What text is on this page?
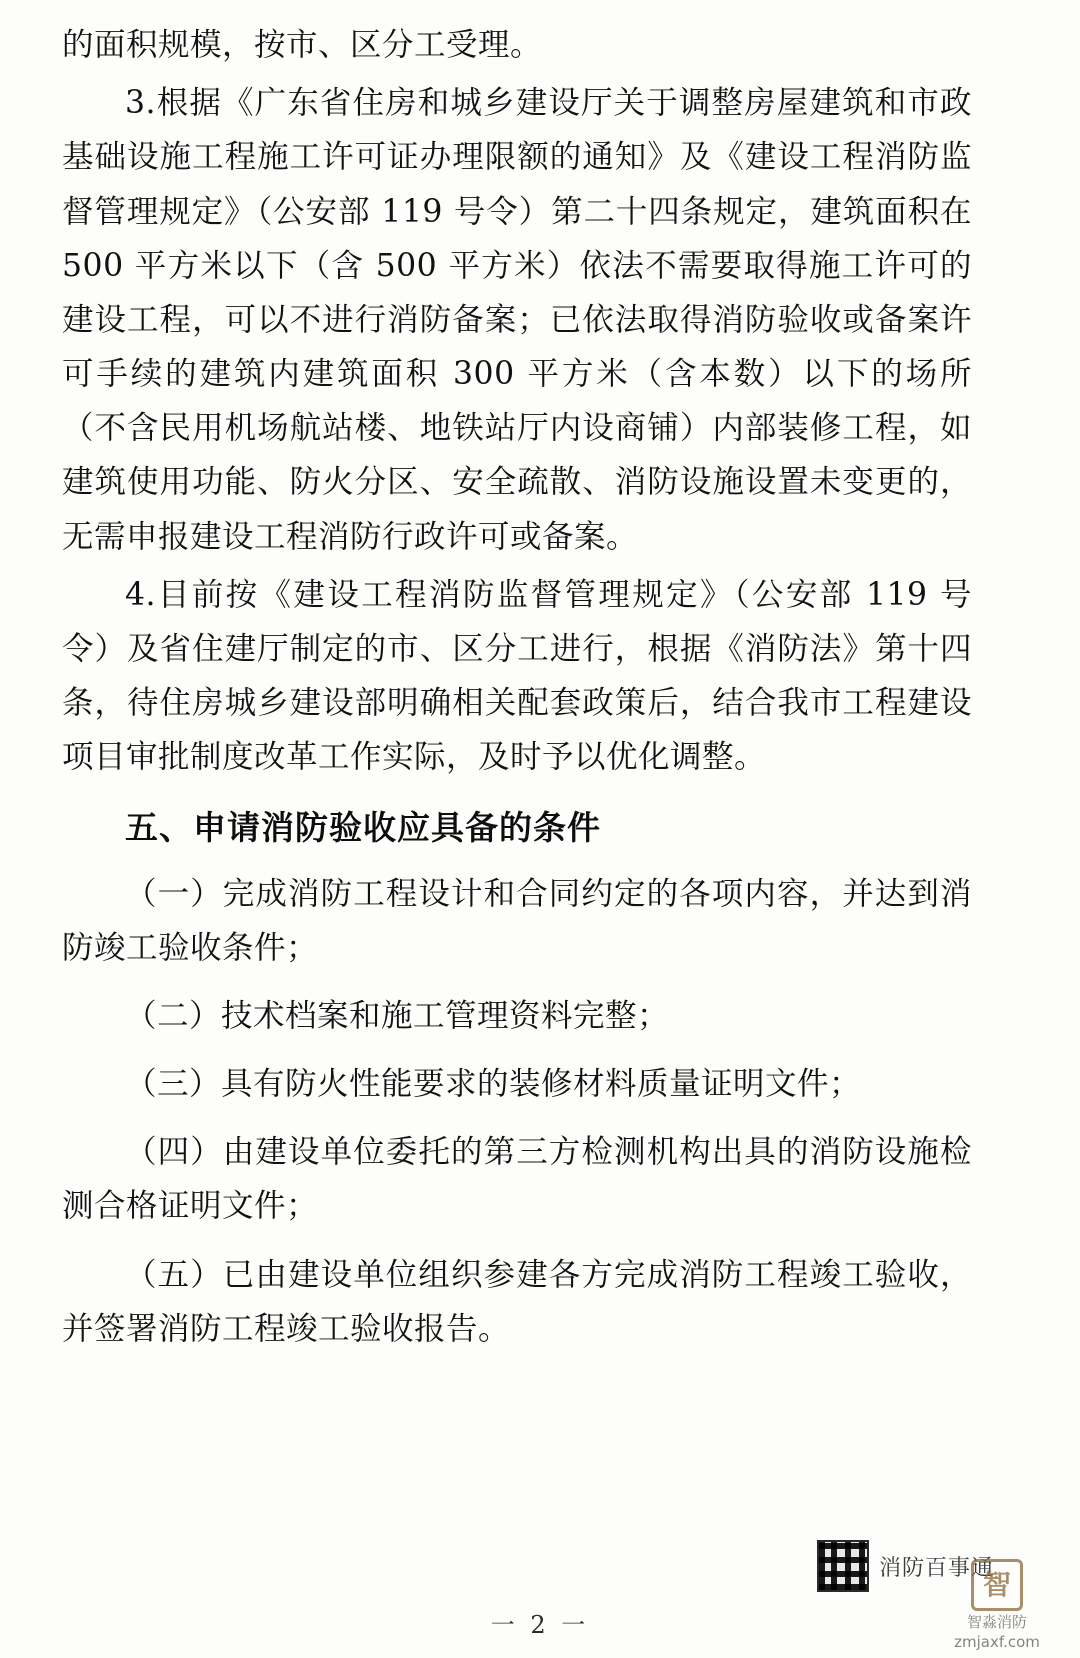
的面积规模，按市、区分工受理。

3.根据《广东省住房和城乡建设厅关于调整房屋建筑和市政基础设施工程施工许可证办理限额的通知》及《建设工程消防监督管理规定》（公安部 119 号令）第二十四条规定，建筑面积在 500 平方米以下（含 500 平方米）依法不需要取得施工许可的建设工程，可以不进行消防备案；已依法取得消防验收或备案许可手续的建筑内建筑面积 300 平方米（含本数）以下的场所（不含民用机场航站楼、地铁站厅内设商铺）内部装修工程，如建筑使用功能、防火分区、安全疏散、消防设施设置未变更的，无需申报建设工程消防行政许可或备案。

4.目前按《建设工程消防监督管理规定》（公安部 119 号令）及省住建厅制定的市、区分工进行，根据《消防法》第十四条，待住房城乡建设部明确相关配套政策后，结合我市工程建设项目审批制度改革工作实际，及时予以优化调整。

五、申请消防验收应具备的条件

（一）完成消防工程设计和合同约定的各项内容，并达到消防竣工验收条件；

（二）技术档案和施工管理资料完整；

（三）具有防火性能要求的装修材料质量证明文件；

（四）由建设单位委托的第三方检测机构出具的消防设施检测合格证明文件；

（五）已由建设单位组织参建各方完成消防工程竣工验收，并签署消防工程竣工验收报告。

消防百事通
一 2 一
智
智淼消防
zmjaxf.com
